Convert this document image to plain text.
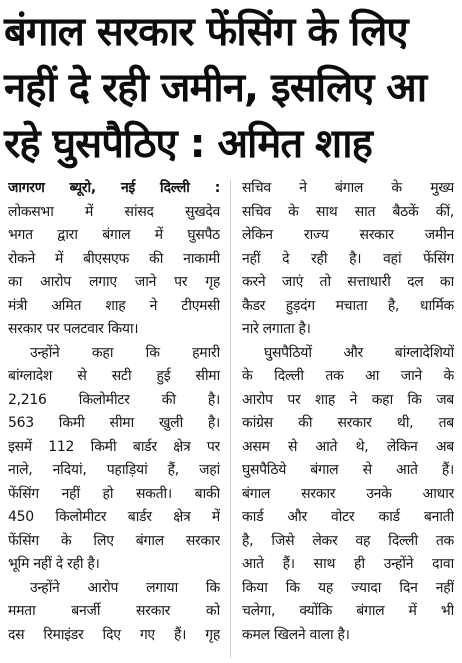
बंगाल सरकार फेंसिंग के लिए
नहीं दे रही जमीन, इसलिए आ
रहे घुसपैठिए : अमित शाह
जागरण ब्यूरो, नई दिल्ली :
लोकसभा में सांसद सुखदेव
भगत द्वारा बंगाल में घुसपैठ
रोकने में बीएसएफ की नाकामी
का आरोप लगाए जाने पर गृह
मंत्री अमित शाह ने टीएमसी
सरकार पर पलटवार किया।
उन्होंने कहा कि हमारी
बांग्लादेश से सटी हुई सीमा
2,216 किलोमीटर की है।
563 किमी सीमा खुली है।
इसमें 112 किमी बार्डर क्षेत्र पर
नाले, नदियां, पहाड़ियां हैं, जहां
फेंसिंग नहीं हो सकती। बाकी
450 किलोमीटर बार्डर क्षेत्र में
फेंसिंग के लिए बंगाल सरकार
भूमि नहीं दे रही है।
उन्होंने आरोप लगाया कि
ममता बनर्जी सरकार को
दस रिमाइंडर दिए गए हैं। गृह
सचिव ने बंगाल के मुख्य
सचिव के साथ सात बैठकें कीं,
लेकिन राज्य सरकार जमीन
नहीं दे रही है। वहां फेंसिंग
करने जाएं तो सत्ताधारी दल का
कैडर हुड़दंग मचाता है, धार्मिक
नारे लगाता है।
घुसपैठियों और बांग्लादेशियों
के दिल्ली तक आ जाने के
आरोप पर शाह ने कहा कि जब
कांग्रेस की सरकार थी, तब
असम से आते थे, लेकिन अब
घुसपैठिये बंगाल से आते हैं।
बंगाल सरकार उनके आधार
कार्ड और वोटर कार्ड बनाती
है, जिसे लेकर वह दिल्ली तक
आते हैं। साथ ही उन्होंने दावा
किया कि यह ज्यादा दिन नहीं
चलेगा, क्योंकि बंगाल में भी
कमल खिलने वाला है।
